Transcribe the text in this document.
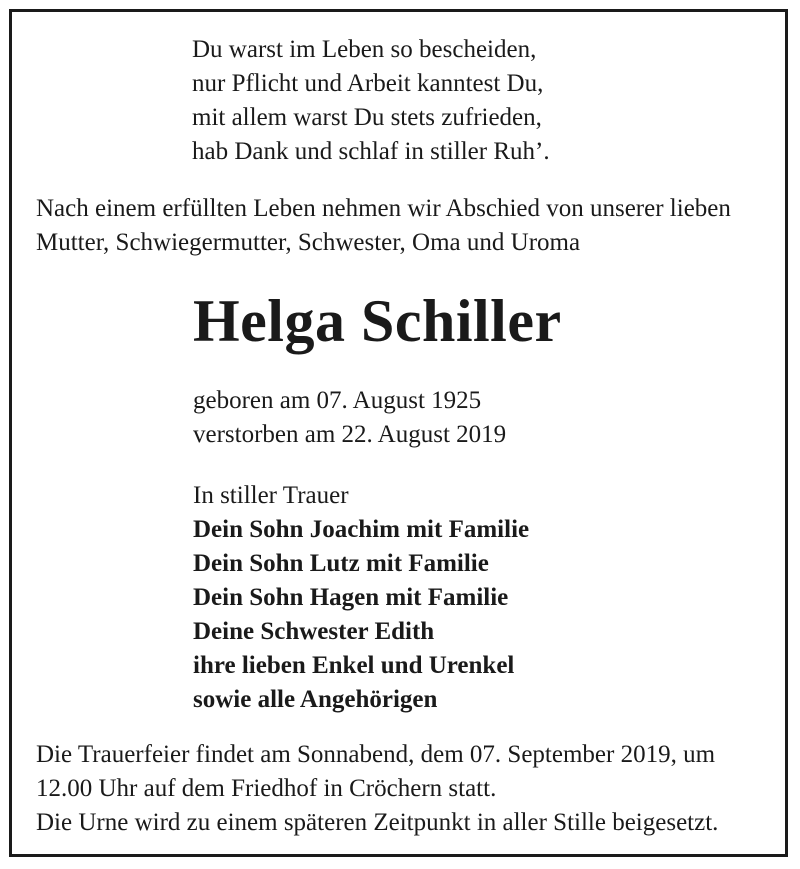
Du warst im Leben so bescheiden,
nur Pflicht und Arbeit kanntest Du,
mit allem warst Du stets zufrieden,
hab Dank und schlaf in stiller Ruh’.
Nach einem erfüllten Leben nehmen wir Abschied von unserer lieben
Mutter, Schwiegermutter, Schwester, Oma und Uroma
Helga Schiller
geboren am 07. August 1925
verstorben am 22. August 2019
In stiller Trauer
Dein Sohn Joachim mit Familie
Dein Sohn Lutz mit Familie
Dein Sohn Hagen mit Familie
Deine Schwester Edith
ihre lieben Enkel und Urenkel
sowie alle Angehörigen
Die Trauerfeier findet am Sonnabend, dem 07. September 2019, um
12.00 Uhr auf dem Friedhof in Cröchern statt.
Die Urne wird zu einem späteren Zeitpunkt in aller Stille beigesetzt.
